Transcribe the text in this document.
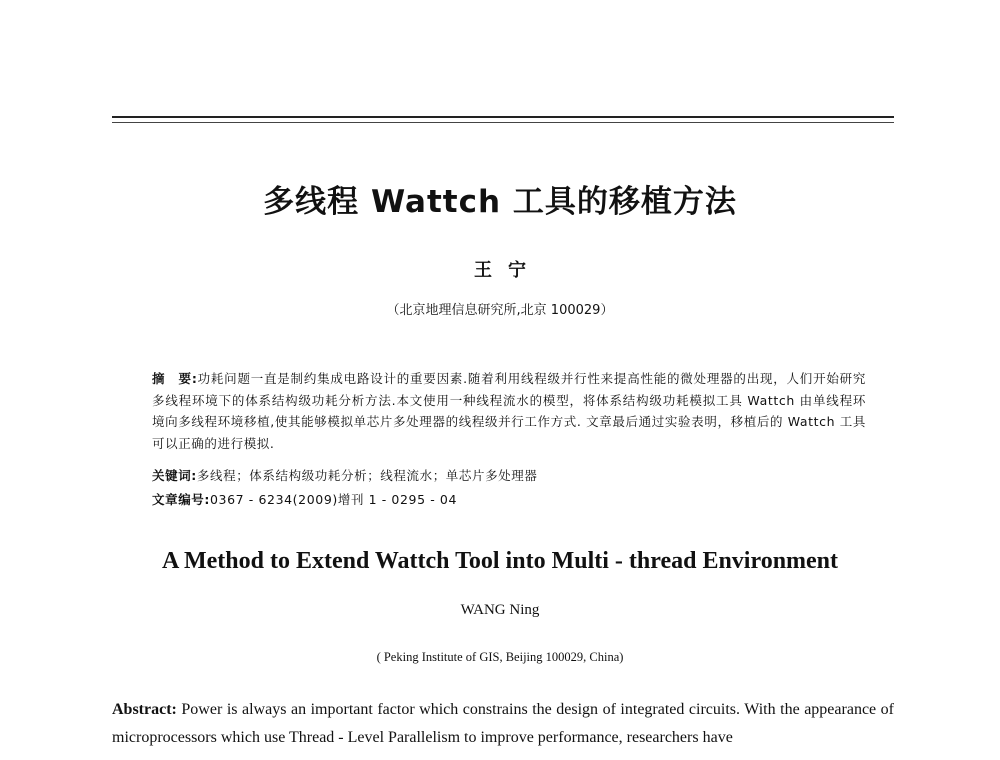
多线程 Wattch 工具的移植方法
王宁
（北京地理信息研究所,北京 100029）
摘　要:功耗问题一直是制约集成电路设计的重要因素.随着利用线程级并行性来提高性能的微处理器的出现，人们开始研究多线程环境下的体系结构级功耗分析方法.本文使用一种线程流水的模型，将体系结构级功耗模拟工具 Wattch 由单线程环境向多线程环境移植,使其能够模拟单芯片多处理器的线程级并行工作方式. 文章最后通过实验表明，移植后的 Wattch 工具可以正确的进行模拟.
关键词:多线程；体系结构级功耗分析；线程流水；单芯片多处理器
文章编号:0367 - 6234(2009)增刊 1 - 0295 - 04
A Method to Extend Wattch Tool into Multi - thread Environment
WANG Ning
( Peking Institute of GIS, Beijing 100029, China)
Abstract: Power is always an important factor which constrains the design of integrated circuits. With the appearance of microprocessors which use Thread - Level Parallelism to improve performance, researchers have
